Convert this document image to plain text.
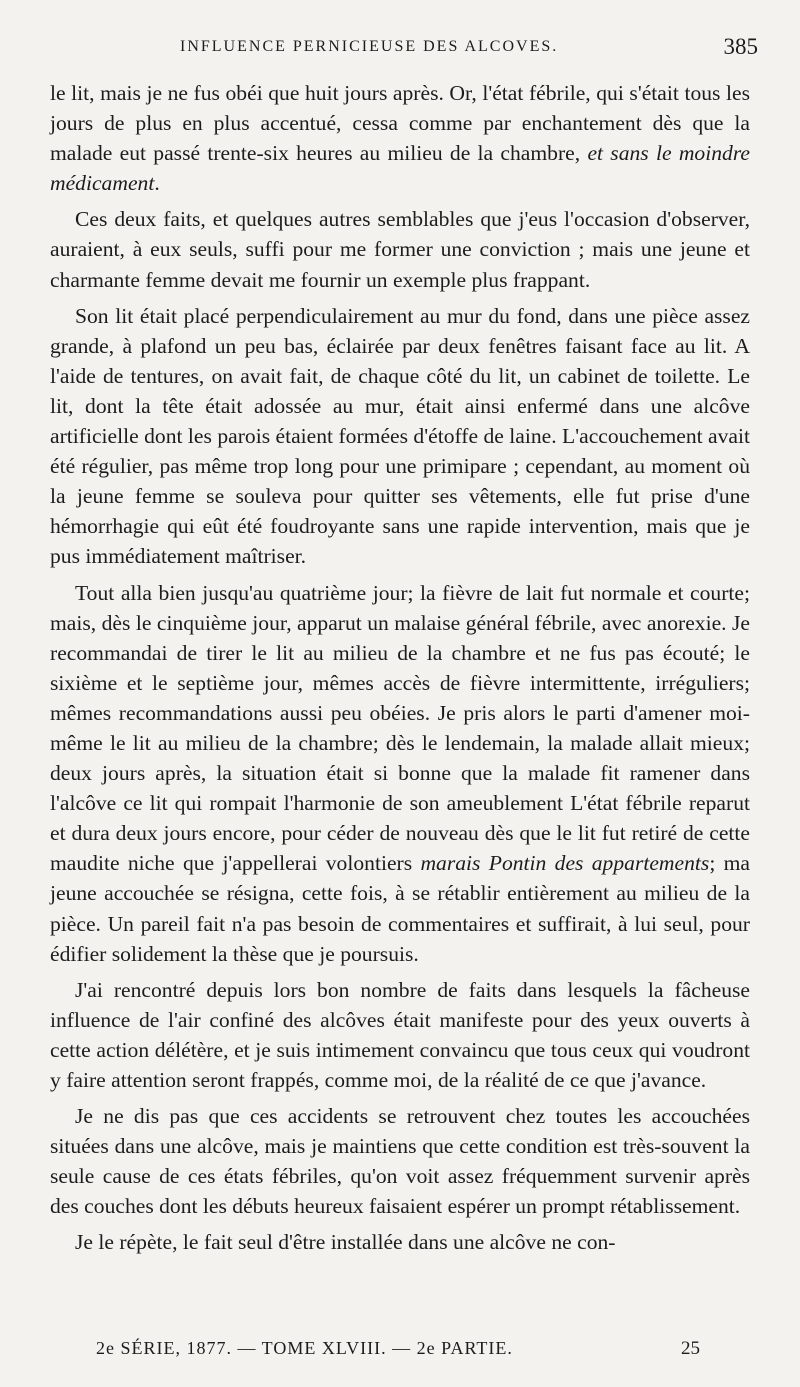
INFLUENCE PERNICIEUSE DES ALCOVES.	385

le lit, mais je ne fus obéi que huit jours après. Or, l'état fébrile, qui s'était tous les jours de plus en plus accentué, cessa comme par enchantement dès que la malade eut passé trente-six heures au milieu de la chambre, et sans le moindre médicament.

Ces deux faits, et quelques autres semblables que j'eus l'occasion d'observer, auraient, à eux seuls, suffi pour me former une conviction ; mais une jeune et charmante femme devait me fournir un exemple plus frappant.

Son lit était placé perpendiculairement au mur du fond, dans une pièce assez grande, à plafond un peu bas, éclairée par deux fenêtres faisant face au lit. A l'aide de tentures, on avait fait, de chaque côté du lit, un cabinet de toilette. Le lit, dont la tête était adossée au mur, était ainsi enfermé dans une alcôve artificielle dont les parois étaient formées d'étoffe de laine. L'accouchement avait été régulier, pas même trop long pour une primipare ; cependant, au moment où la jeune femme se souleva pour quitter ses vêtements, elle fut prise d'une hémorrhagie qui eût été foudroyante sans une rapide intervention, mais que je pus immédiatement maîtriser.

Tout alla bien jusqu'au quatrième jour; la fièvre de lait fut normale et courte; mais, dès le cinquième jour, apparut un malaise général fébrile, avec anorexie. Je recommandai de tirer le lit au milieu de la chambre et ne fus pas écouté; le sixième et le septième jour, mêmes accès de fièvre intermittente, irréguliers; mêmes recommandations aussi peu obéies. Je pris alors le parti d'amener moi-même le lit au milieu de la chambre; dès le lendemain, la malade allait mieux; deux jours après, la situation était si bonne que la malade fit ramener dans l'alcôve ce lit qui rompait l'harmonie de son ameublement L'état fébrile reparut et dura deux jours encore, pour céder de nouveau dès que le lit fut retiré de cette maudite niche que j'appellerai volontiers marais Pontin des appartements; ma jeune accouchée se résigna, cette fois, à se rétablir entièrement au milieu de la pièce. Un pareil fait n'a pas besoin de commentaires et suffirait, à lui seul, pour édifier solidement la thèse que je poursuis.

J'ai rencontré depuis lors bon nombre de faits dans lesquels la fâcheuse influence de l'air confiné des alcôves était manifeste pour des yeux ouverts à cette action délétère, et je suis intimement convaincu que tous ceux qui voudront y faire attention seront frappés, comme moi, de la réalité de ce que j'avance.

Je ne dis pas que ces accidents se retrouvent chez toutes les accouchées situées dans une alcôve, mais je maintiens que cette condition est très-souvent la seule cause de ces états fébriles, qu'on voit assez fréquemment survenir après des couches dont les débuts heureux faisaient espérer un prompt rétablissement.

Je le répète, le fait seul d'être installée dans une alcôve ne con-

2e SÉRIE, 1877. — TOME XLVIII. — 2e PARTIE.	25
